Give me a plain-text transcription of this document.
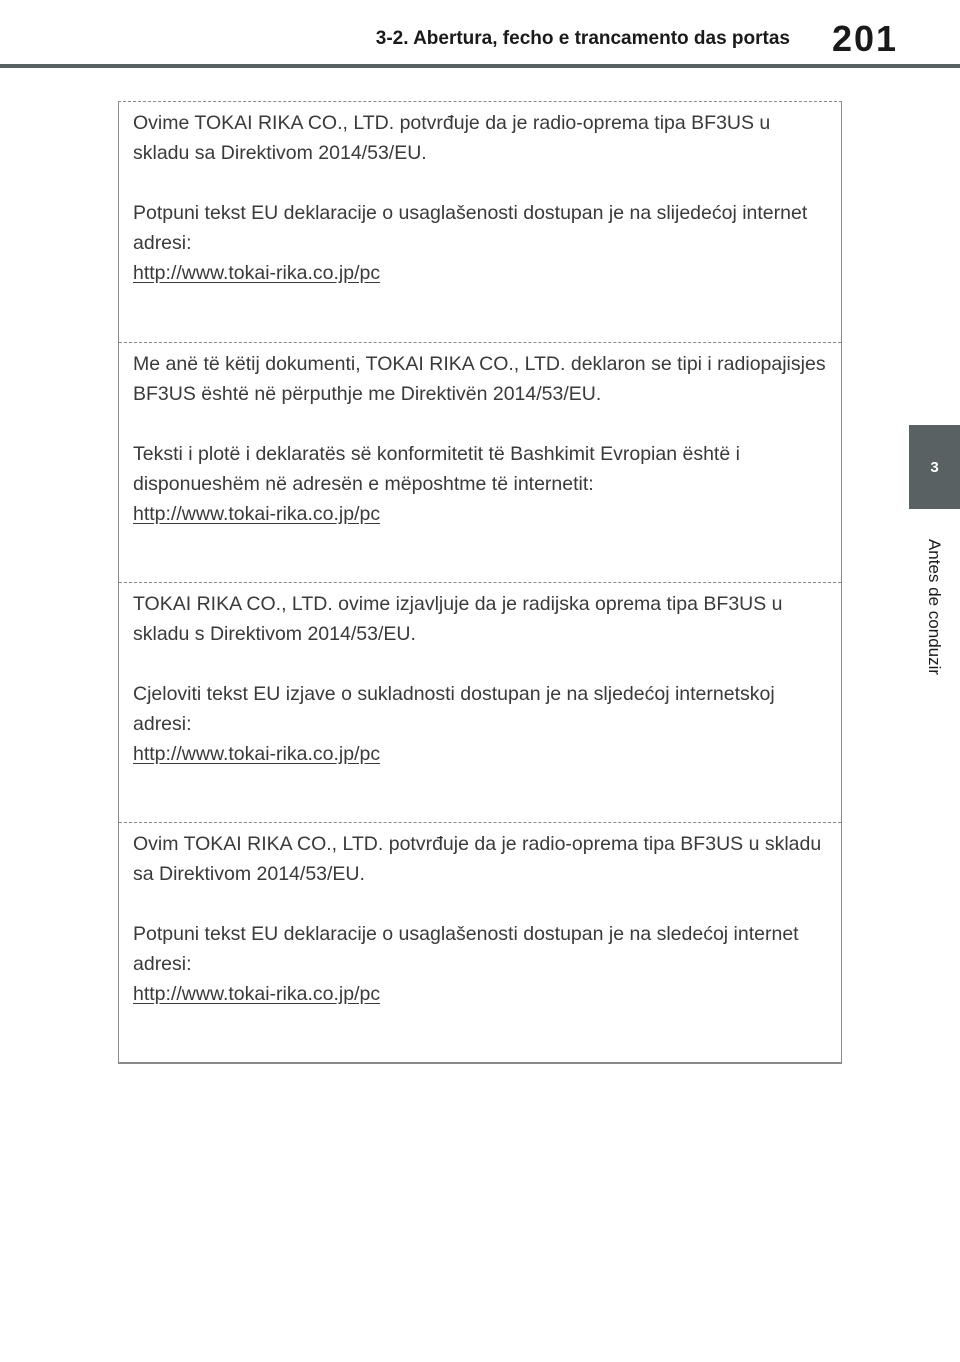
3-2. Abertura, fecho e trancamento das portas 201
3
Antes de conduzir

Ovime TOKAI RIKA CO., LTD. potvrđuje da je radio-oprema tipa BF3US u skladu sa Direktivom 2014/53/EU.

Potpuni tekst EU deklaracije o usaglašenosti dostupan je na slijedećoj internet adresi:
http://www.tokai-rika.co.jp/pc

Me anë të këtij dokumenti, TOKAI RIKA CO., LTD. deklaron se tipi i radiopajisjes BF3US është në përputhje me Direktivën 2014/53/EU.

Teksti i plotë i deklaratës së konformitetit të Bashkimit Evropian është i disponueshëm në adresën e mëposhtme të internetit:
http://www.tokai-rika.co.jp/pc

TOKAI RIKA CO., LTD. ovime izjavljuje da je radijska oprema tipa BF3US u skladu s Direktivom 2014/53/EU.

Cjeloviti tekst EU izjave o sukladnosti dostupan je na sljedećoj internetskoj adresi:
http://www.tokai-rika.co.jp/pc

Ovim TOKAI RIKA CO., LTD. potvrđuje da je radio-oprema tipa BF3US u skladu sa Direktivom 2014/53/EU.

Potpuni tekst EU deklaracije o usaglašenosti dostupan je na sledećoj internet adresi:
http://www.tokai-rika.co.jp/pc
